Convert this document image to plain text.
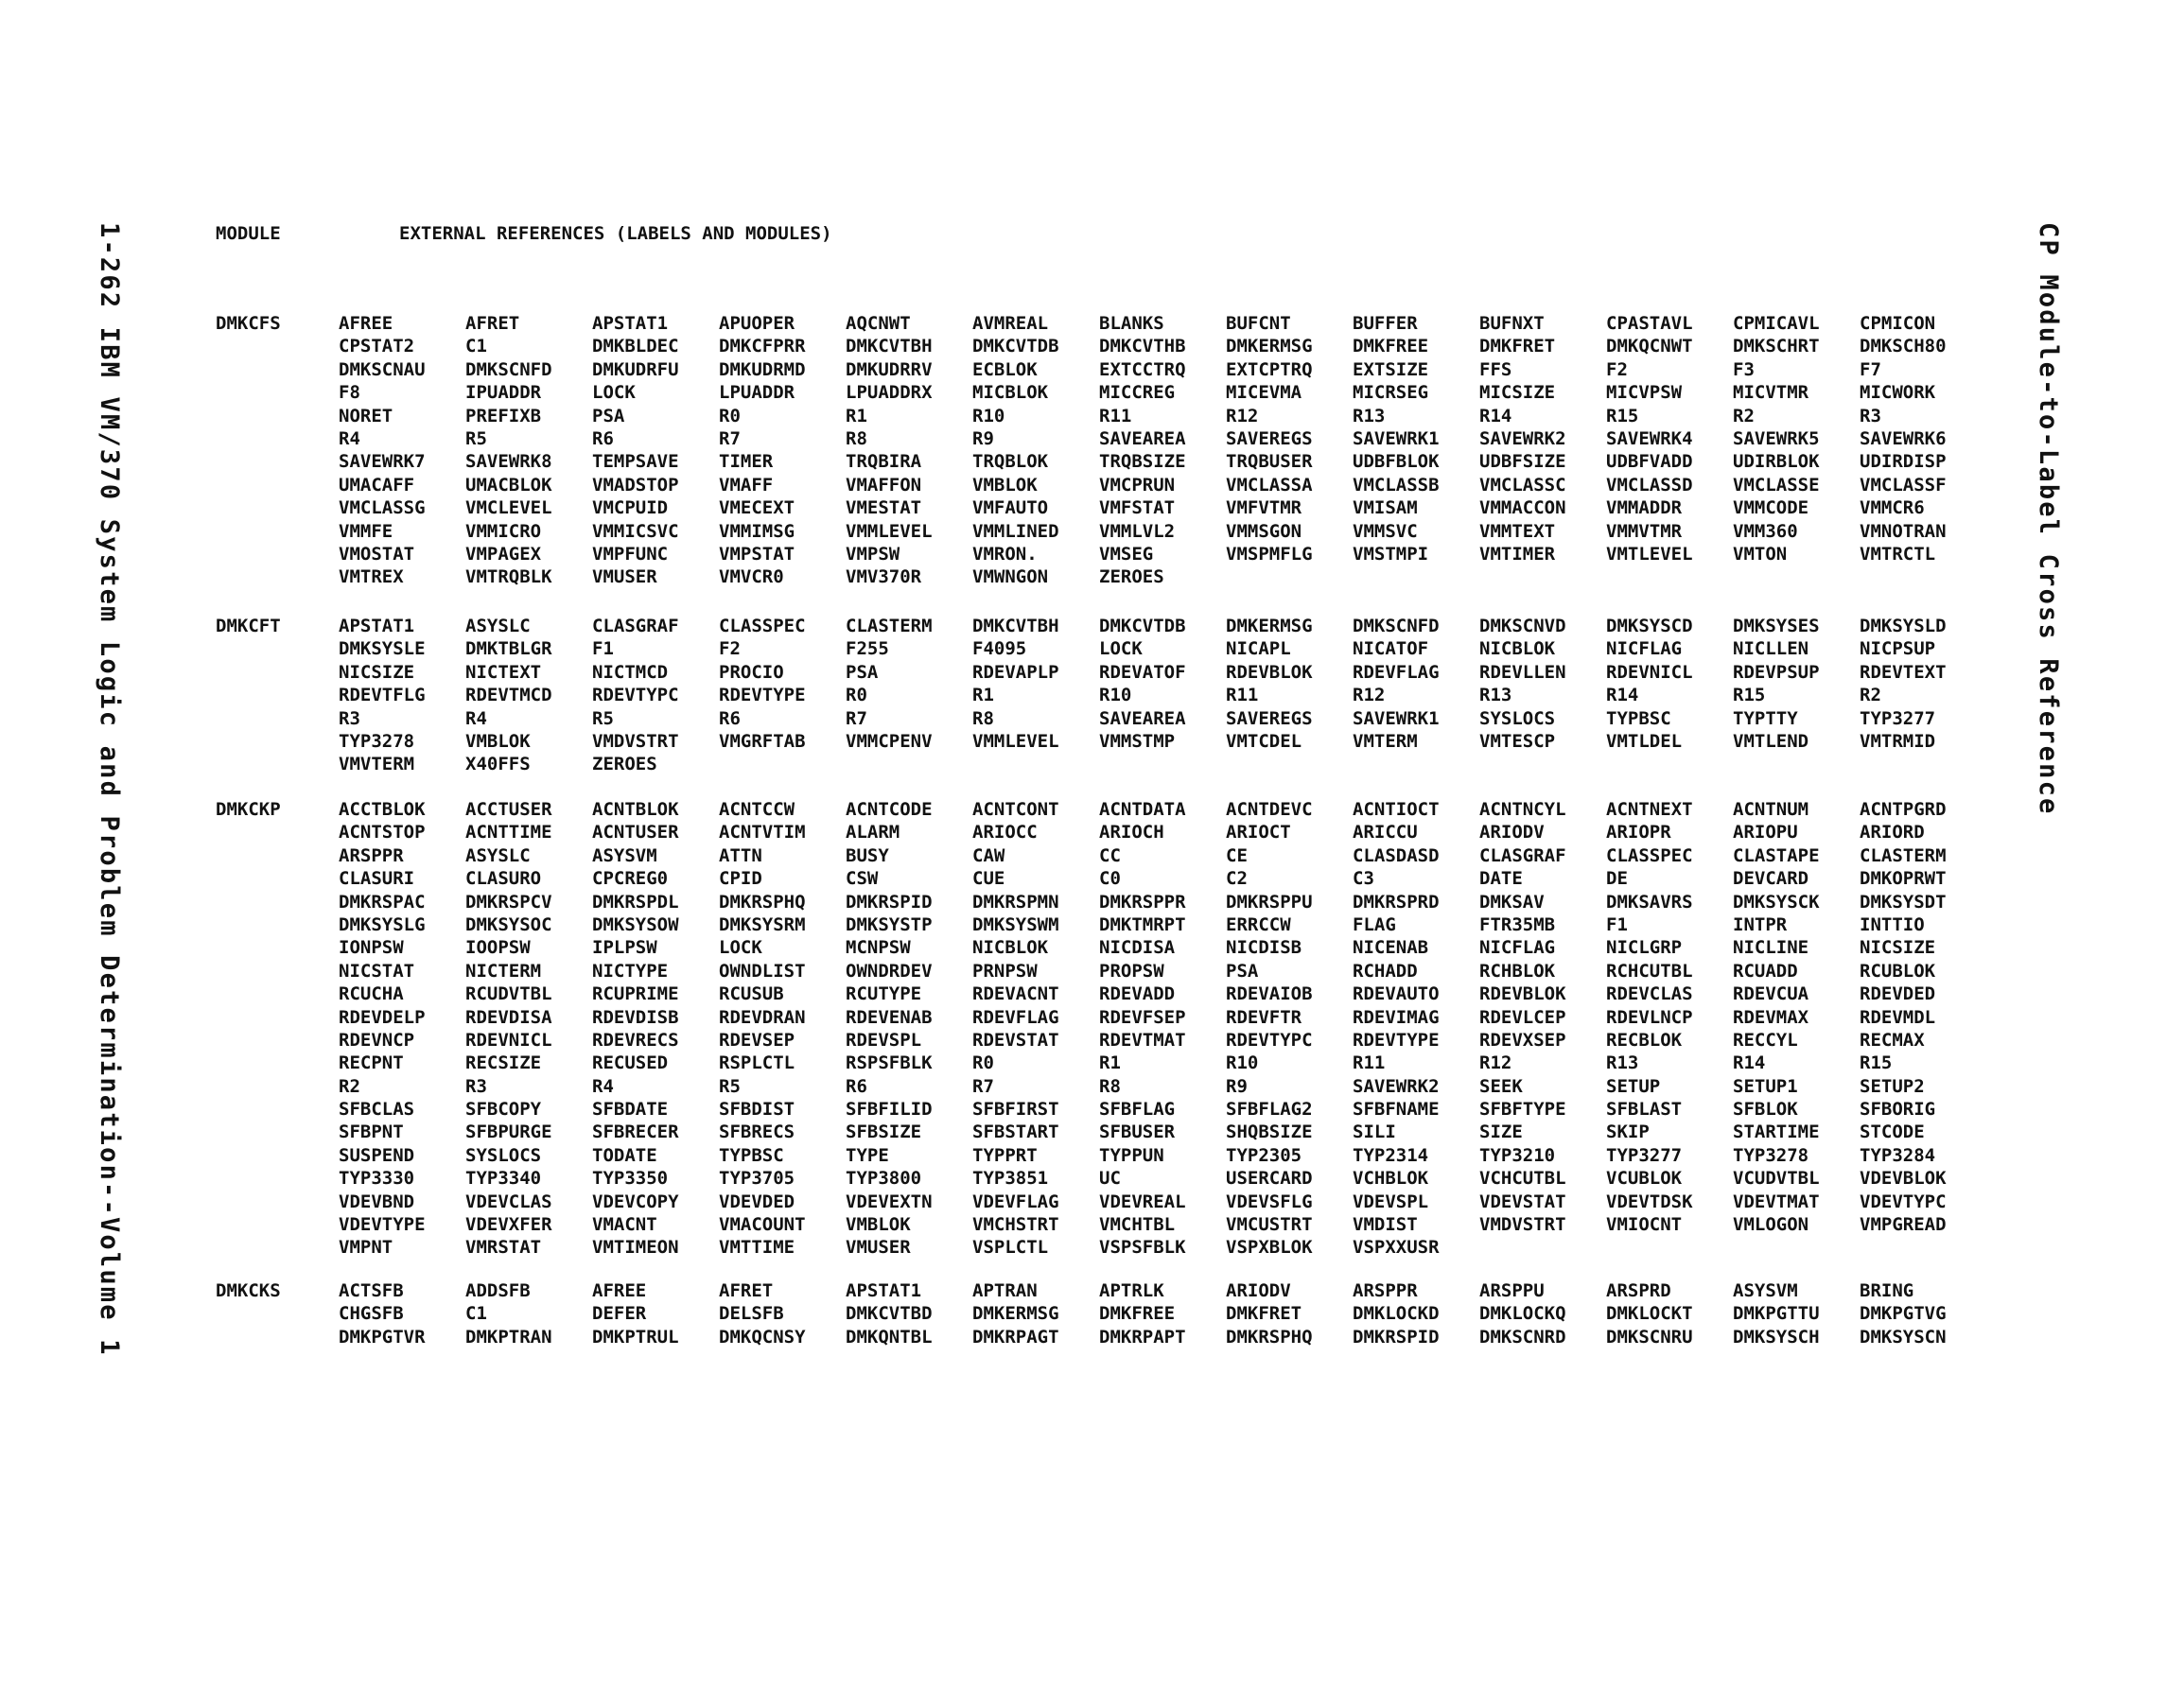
1-262 IBM VM/370 System Logic and Problem Determination--Volume 1	CP Module-to-Label Cross Reference
MODULE	EXTERNAL REFERENCES (LABELS AND MODULES)
DMKCFS	AFREE	AFRET	APSTAT1	APUOPER	AQCNWT	AVMREAL	BLANKS	BUFCNT	BUFFER	BUFNXT	CPASTAVL	CPMICAVL	CPMICON
CPSTAT2	C1	DMKBLDEC	DMKCFPRR	DMKCVTBH	DMKCVTDB	DMKCVTHB	DMKERMSG	DMKFREE	DMKFRET	DMKQCNWT	DMKSCHRT	DMKSCH80
DMKSCNAU	DMKSCNFD	DMKUDRFU	DMKUDRMD	DMKUDRRV	ECBLOK	EXTCCTRQ	EXTCPTRQ	EXTSIZE	FFS	F2	F3	F7
F8	IPUADDR	LOCK	LPUADDR	LPUADDRX	MICBLOK	MICCREG	MICEVMA	MICRSEG	MICSIZE	MICVPSW	MICVTMR	MICWORK
NORET	PREFIXB	PSA	R0	R1	R10	R11	R12	R13	R14	R15	R2	R3
R4	R5	R6	R7	R8	R9	SAVEAREA	SAVEREGS	SAVEWRK1	SAVEWRK2	SAVEWRK4	SAVEWRK5	SAVEWRK6
SAVEWRK7	SAVEWRK8	TEMPSAVE	TIMER	TRQBIRA	TRQBLOK	TRQBSIZE	TRQBUSER	UDBFBLOK	UDBFSIZE	UDBFVADD	UDIRBLOK	UDIRDISP
UMACAFF	UMACBLOK	VMADSTOP	VMAFF	VMAFFON	VMBLOK	VMCPRUN	VMCLASSA	VMCLASSB	VMCLASSC	VMCLASSD	VMCLASSE	VMCLASSF
VMCLASSG	VMCLEVEL	VMCPUID	VMECEXT	VMESTAT	VMFAUTO	VMFSTAT	VMFVTMR	VMISAM	VMMACCON	VMMADDR	VMMCODE	VMMCR6
VMMFE	VMMICRO	VMMICSVC	VMMIMSG	VMMLEVEL	VMMLINED	VMMLVL2	VMMSGON	VMMSVC	VMMTEXT	VMMVTMR	VMM360	VMNOTRAN
VMOSTAT	VMPAGEX	VMPFUNC	VMPSTAT	VMPSW	VMRON.	VMSEG	VMSPMFLG	VMSTMPI	VMTIMER	VMTLEVEL	VMTON	VMTRCTL
VMTREX	VMTRQBLK	VMUSER	VMVCR0	VMV370R	VMWNGON	ZEROES
DMKCFT	APSTAT1	ASYSLC	CLASGRAF	CLASSPEC	CLASTERM	DMKCVTBH	DMKCVTDB	DMKERMSG	DMKSCNFD	DMKSCNVD	DMKSYSCD	DMKSYSES	DMKSYSLD
DMKSYSLE	DMKTBLGR	F1	F2	F255	F4095	LOCK	NICAPL	NICATOF	NICBLOK	NICFLAG	NICLLEN	NICPSUP
NICSIZE	NICTEXT	NICTMCD	PROCIO	PSA	RDEVAPLP	RDEVATOF	RDEVBLOK	RDEVFLAG	RDEVLLEN	RDEVNICL	RDEVPSUP	RDEVTEXT
RDEVTFLG	RDEVTMCD	RDEVTYPC	RDEVTYPE	R0	R1	R10	R11	R12	R13	R14	R15	R2
R3	R4	R5	R6	R7	R8	SAVEAREA	SAVEREGS	SAVEWRK1	SYSLOCS	TYPBSC	TYPTTY	TYP3277
TYP3278	VMBLOK	VMDVSTRT	VMGRFTAB	VMMCPENV	VMMLEVEL	VMMSTMP	VMTCDEL	VMTERM	VMTESCP	VMTLDEL	VMTLEND	VMTRMID
VMVTERM	X40FFS	ZEROES
DMKCKP	ACCTBLOK	ACCTUSER	ACNTBLOK	ACNTCCW	ACNTCODE	ACNTCONT	ACNTDATA	ACNTDEVC	ACNTIOCT	ACNTNCYL	ACNTNEXT	ACNTNUM	ACNTPGRD
ACNTSTOP	ACNTTIME	ACNTUSER	ACNTVTIM	ALARM	ARIOCC	ARIOCH	ARIOCT	ARICCU	ARIODV	ARIOPR	ARIOPU	ARIORD
ARSPPR	ASYSLC	ASYSVM	ATTN	BUSY	CAW	CC	CE	CLASDASD	CLASGRAF	CLASSPEC	CLASTAPE	CLASTERM
CLASURI	CLASURO	CPCREG0	CPID	CSW	CUE	C0	C2	C3	DATE	DE	DEVCARD	DMKOPRWT
DMKRSPAC	DMKRSPCV	DMKRSPDL	DMKRSPHQ	DMKRSPID	DMKRSPMN	DMKRSPPR	DMKRSPPU	DMKRSPRD	DMKSAV	DMKSAVRS	DMKSYSCK	DMKSYSDT
DMKSYSLG	DMKSYSOC	DMKSYSOW	DMKSYSRM	DMKSYSTP	DMKSYSWM	DMKTMRPT	ERRCCW	FLAG	FTR35MB	F1	INTPR	INTTIO
IONPSW	IOOPSW	IPLPSW	LOCK	MCNPSW	NICBLOK	NICDISA	NICDISB	NICENAB	NICFLAG	NICLGRP	NICLINE	NICSIZE
NICSTAT	NICTERM	NICTYPE	OWNDLIST	OWNDRDEV	PRNPSW	PROPSW	PSA	RCHADD	RCHBLOK	RCHCUTBL	RCUADD	RCUBLOK
RCUCHA	RCUDVTBL	RCUPRIME	RCUSUB	RCUTYPE	RDEVACNT	RDEVADD	RDEVAIOB	RDEVAUTO	RDEVBLOK	RDEVCLAS	RDEVCUA	RDEVDED
RDEVDELP	RDEVDISA	RDEVDISB	RDEVDRAN	RDEVENAB	RDEVFLAG	RDEVFSEP	RDEVFTR	RDEVIMAG	RDEVLCEP	RDEVLNCP	RDEVMAX	RDEVMDL
RDEVNCP	RDEVNICL	RDEVRECS	RDEVSEP	RDEVSPL	RDEVSTAT	RDEVTMAT	RDEVTYPC	RDEVTYPE	RDEVXSEP	RECBLOK	RECCYL	RECMAX
RECPNT	RECSIZE	RECUSED	RSPLCTL	RSPSFBLK	R0	R1	R10	R11	R12	R13	R14	R15
R2	R3	R4	R5	R6	R7	R8	R9	SAVEWRK2	SEEK	SETUP	SETUP1	SETUP2
SFBCLAS	SFBCOPY	SFBDATE	SFBDIST	SFBFILID	SFBFIRST	SFBFLAG	SFBFLAG2	SFBFNAME	SFBFTYPE	SFBLAST	SFBLOK	SFBORIG
SFBPNT	SFBPURGE	SFBRECER	SFBRECS	SFBSIZE	SFBSTART	SFBUSER	SHQBSIZE	SILI	SIZE	SKIP	STARTIME	STCODE
SUSPEND	SYSLOCS	TODATE	TYPBSC	TYPE	TYPPRT	TYPPUN	TYP2305	TYP2314	TYP3210	TYP3277	TYP3278	TYP3284
TYP3330	TYP3340	TYP3350	TYP3705	TYP3800	TYP3851	UC	USERCARD	VCHBLOK	VCHCUTBL	VCUBLOK	VCUDVTBL	VDEVBLOK
VDEVBND	VDEVCLAS	VDEVCOPY	VDEVDED	VDEVEXTN	VDEVFLAG	VDEVREAL	VDEVSFLG	VDEVSPL	VDEVSTAT	VDEVTDSK	VDEVTMAT	VDEVTYPC
VDEVTYPE	VDEVXFER	VMACNT	VMACOUNT	VMBLOK	VMCHSTRT	VMCHTBL	VMCUSTRT	VMDIST	VMDVSTRT	VMIOCNT	VMLOGON	VMPGREAD
VMPNT	VMRSTAT	VMTIMEON	VMTTIME	VMUSER	VSPLCTL	VSPSFBLK	VSPXBLOK	VSPXXUSR
DMKCKS	ACTSFB	ADDSFB	AFREE	AFRET	APSTAT1	APTRAN	APTRLK	ARIODV	ARSPPR	ARSPPU	ARSPRD	ASYSVM	BRING
CHGSFB	C1	DEFER	DELSFB	DMKCVTBD	DMKERMSG	DMKFREE	DMKFRET	DMKLOCKD	DMKLOCKQ	DMKLOCKT	DMKPGTTU	DMKPGTVG
DMKPGTVR	DMKPTRAN	DMKPTRUL	DMKQCNSY	DMKQNTBL	DMKRPAGT	DMKRPAPT	DMKRSPHQ	DMKRSPID	DMKSCNRD	DMKSCNRU	DMKSYSCH	DMKSYSCN
